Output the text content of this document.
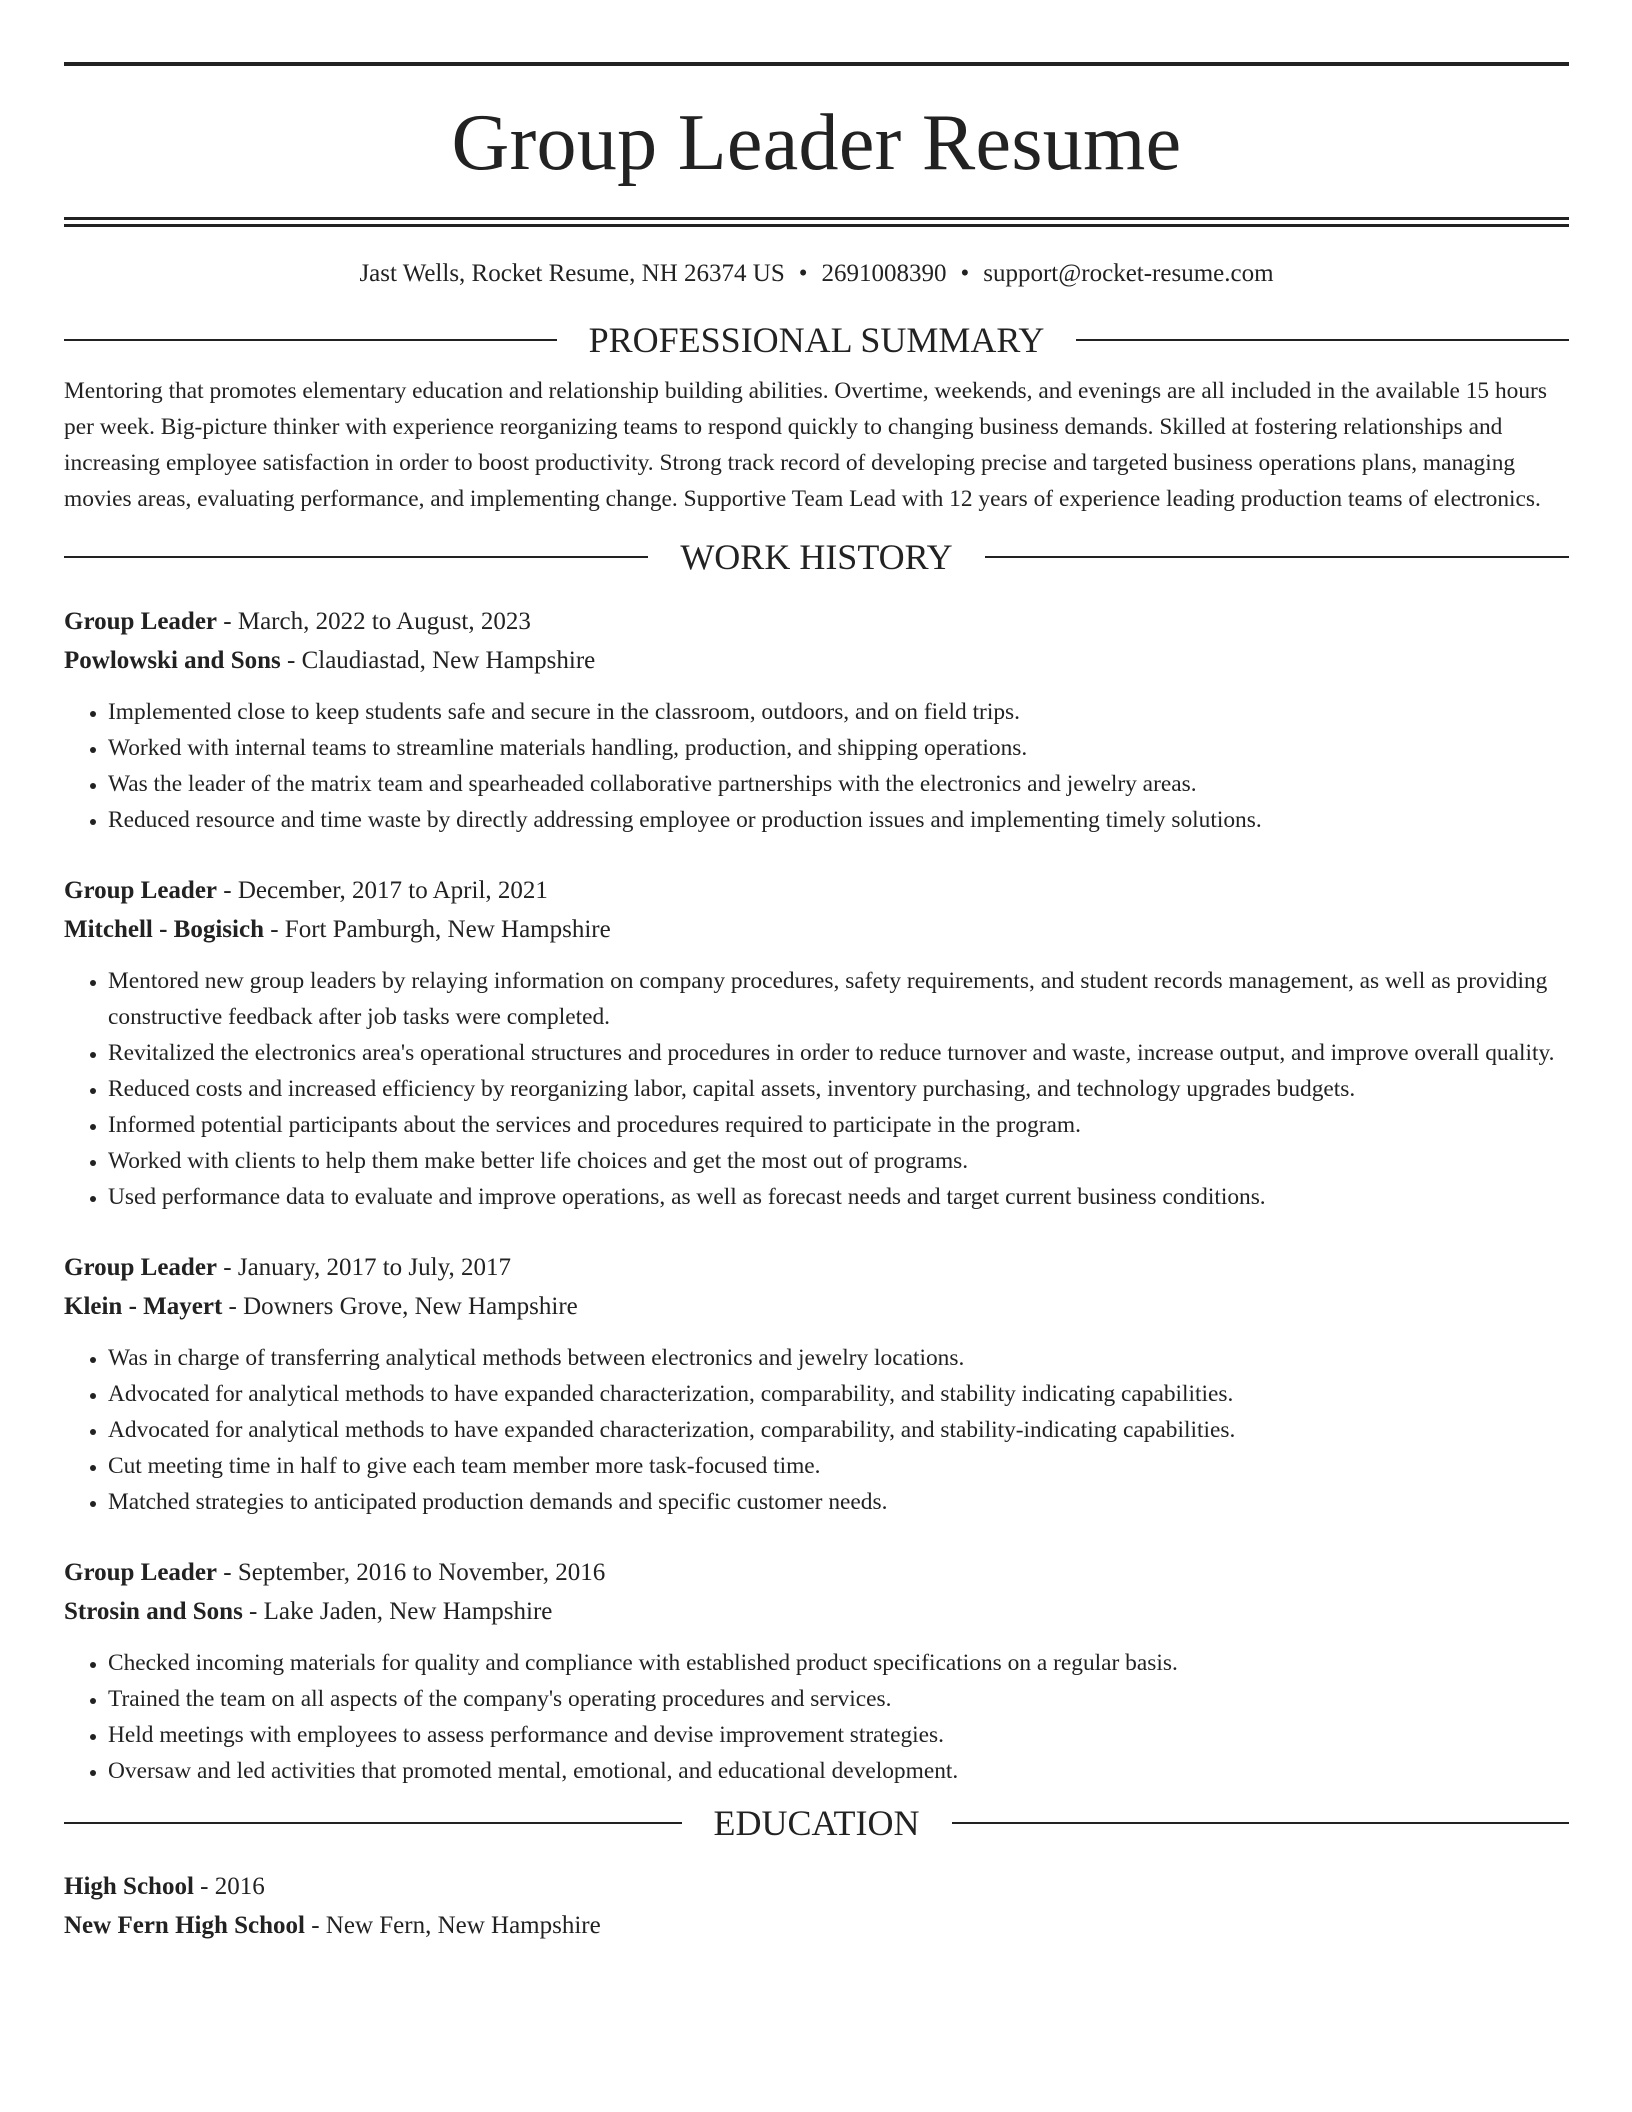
Group Leader Resume
Jast Wells, Rocket Resume, NH 26374 US • 2691008390 • support@rocket-resume.com
PROFESSIONAL SUMMARY
Mentoring that promotes elementary education and relationship building abilities. Overtime, weekends, and evenings are all included in the available 15 hours per week. Big-picture thinker with experience reorganizing teams to respond quickly to changing business demands. Skilled at fostering relationships and increasing employee satisfaction in order to boost productivity. Strong track record of developing precise and targeted business operations plans, managing movies areas, evaluating performance, and implementing change. Supportive Team Lead with 12 years of experience leading production teams of electronics.
WORK HISTORY
Group Leader - March, 2022 to August, 2023
Powlowski and Sons - Claudiastad, New Hampshire
• Implemented close to keep students safe and secure in the classroom, outdoors, and on field trips.
• Worked with internal teams to streamline materials handling, production, and shipping operations.
• Was the leader of the matrix team and spearheaded collaborative partnerships with the electronics and jewelry areas.
• Reduced resource and time waste by directly addressing employee or production issues and implementing timely solutions.
Group Leader - December, 2017 to April, 2021
Mitchell - Bogisich - Fort Pamburgh, New Hampshire
• Mentored new group leaders by relaying information on company procedures, safety requirements, and student records management, as well as providing constructive feedback after job tasks were completed.
• Revitalized the electronics area's operational structures and procedures in order to reduce turnover and waste, increase output, and improve overall quality.
• Reduced costs and increased efficiency by reorganizing labor, capital assets, inventory purchasing, and technology upgrades budgets.
• Informed potential participants about the services and procedures required to participate in the program.
• Worked with clients to help them make better life choices and get the most out of programs.
• Used performance data to evaluate and improve operations, as well as forecast needs and target current business conditions.
Group Leader - January, 2017 to July, 2017
Klein - Mayert - Downers Grove, New Hampshire
• Was in charge of transferring analytical methods between electronics and jewelry locations.
• Advocated for analytical methods to have expanded characterization, comparability, and stability indicating capabilities.
• Advocated for analytical methods to have expanded characterization, comparability, and stability-indicating capabilities.
• Cut meeting time in half to give each team member more task-focused time.
• Matched strategies to anticipated production demands and specific customer needs.
Group Leader - September, 2016 to November, 2016
Strosin and Sons - Lake Jaden, New Hampshire
• Checked incoming materials for quality and compliance with established product specifications on a regular basis.
• Trained the team on all aspects of the company's operating procedures and services.
• Held meetings with employees to assess performance and devise improvement strategies.
• Oversaw and led activities that promoted mental, emotional, and educational development.
EDUCATION
High School - 2016
New Fern High School - New Fern, New Hampshire
